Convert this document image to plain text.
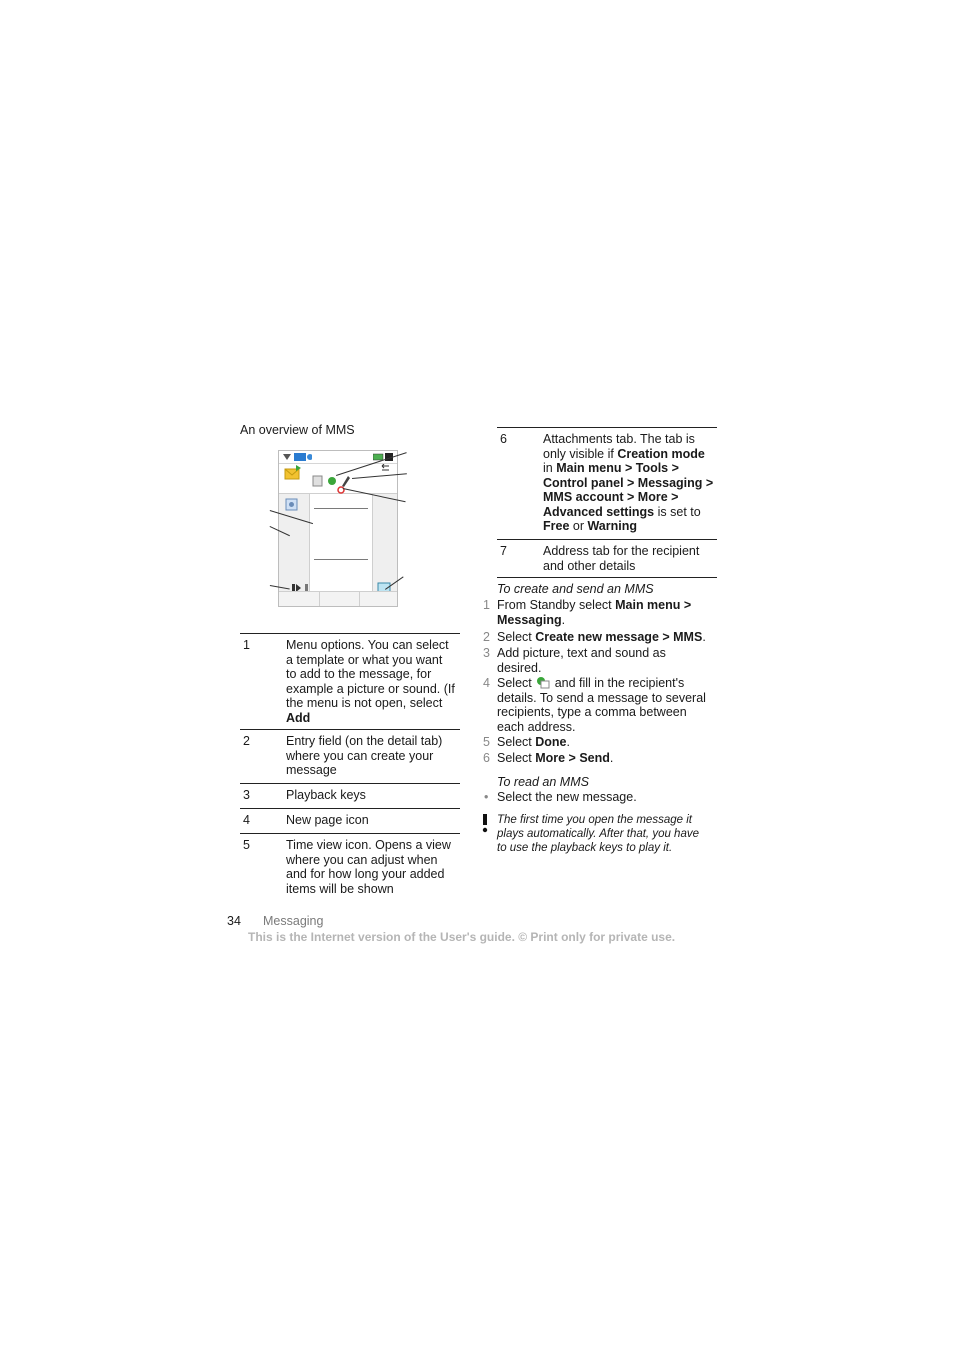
An overview of MMS
1	Menu options. You can select
a template or what you want
to add to the message, for
example a picture or sound. (If
the menu is not open, select
Add
2	Entry field (on the detail tab)
where you can create your
message
3	Playback keys
4	New page icon
5	Time view icon. Opens a view
where you can adjust when
and for how long your added
items will be shown
6	Attachments tab. The tab is
only visible if Creation mode
in Main menu > Tools >
Control panel > Messaging >
MMS account > More >
Advanced settings is set to
Free or Warning
7	Address tab for the recipient
and other details
To create and send an MMS
1 From Standby select Main menu >
Messaging.
2 Select Create new message > MMS.
3 Add picture, text and sound as
desired.
4 Select  and fill in the recipient's
details. To send a message to several
recipients, type a comma between
each address.
5 Select Done.
6 Select More > Send.
To read an MMS
• Select the new message.
The first time you open the message it
plays automatically. After that, you have
to use the playback keys to play it.
34 Messaging
This is the Internet version of the User's guide. © Print only for private use.
